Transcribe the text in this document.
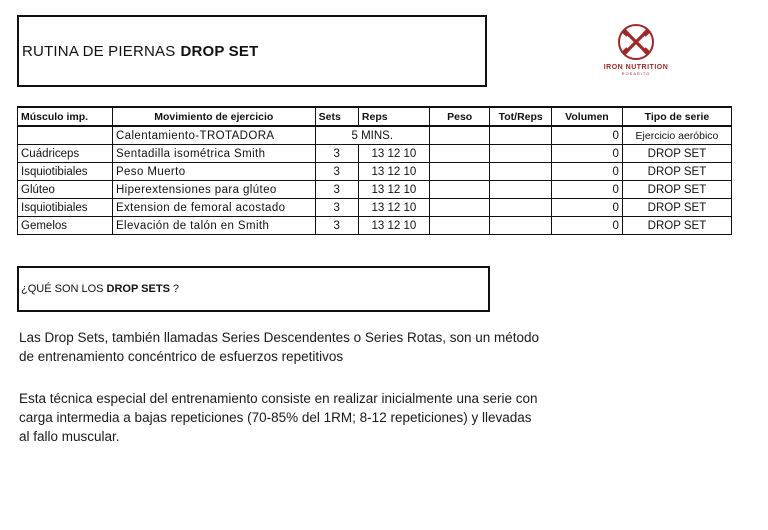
RUTINA DE PIERNAS DROP SET
IRON NUTRITION
ROSARITO
Músculo imp.	Movimiento de ejercicio	Sets	Reps	Peso	Tot/Reps	Volumen	Tipo de serie
	Calentamiento-TROTADORA	5 MINS.				0	Ejercicio aeróbico
Cuádriceps	Sentadilla isométrica Smith	3	13 12 10			0	DROP SET
Isquiotibiales	Peso Muerto	3	13 12 10			0	DROP SET
Glúteo	Hiperextensiones para glúteo	3	13 12 10			0	DROP SET
Isquiotibiales	Extension de femoral acostado	3	13 12 10			0	DROP SET
Gemelos	Elevación de talón en Smith	3	13 12 10			0	DROP SET
¿QUÉ SON LOS DROP SETS ?

Las Drop Sets, también llamadas Series Descendentes o Series Rotas, son un método de entrenamiento concéntrico de esfuerzos repetitivos

Esta técnica especial del entrenamiento consiste en realizar inicialmente una serie con carga intermedia a bajas repeticiones (70-85% del 1RM; 8-12 repeticiones) y llevadas al fallo muscular.
